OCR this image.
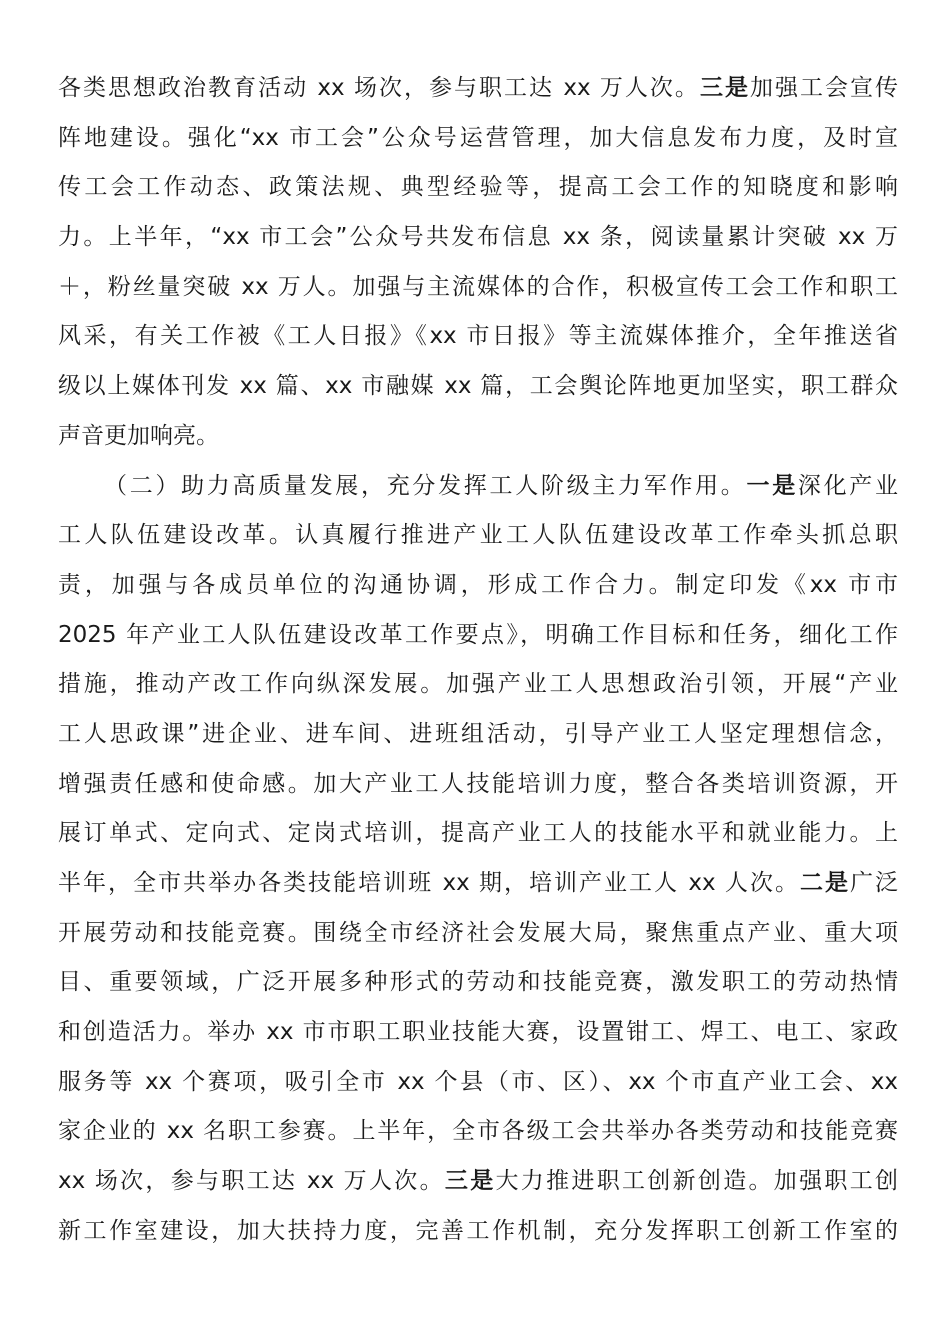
各类思想政治教育活动 xx 场次，参与职工达 xx 万人次。三是加强工会宣传
阵地建设。强化“xx 市工会”公众号运营管理，加大信息发布力度，及时宣
传工会工作动态、政策法规、典型经验等，提高工会工作的知晓度和影响
力。上半年，“xx 市工会”公众号共发布信息 xx 条，阅读量累计突破 xx 万
＋，粉丝量突破 xx 万人。加强与主流媒体的合作，积极宣传工会工作和职工
风采，有关工作被《工人日报》《xx 市日报》等主流媒体推介，全年推送省
级以上媒体刊发 xx 篇、xx 市融媒 xx 篇，工会舆论阵地更加坚实，职工群众
声音更加响亮。
（二）助力高质量发展，充分发挥工人阶级主力军作用。一是深化产业
工人队伍建设改革。认真履行推进产业工人队伍建设改革工作牵头抓总职
责，加强与各成员单位的沟通协调，形成工作合力。制定印发《xx 市市
2025 年产业工人队伍建设改革工作要点》，明确工作目标和任务，细化工作
措施，推动产改工作向纵深发展。加强产业工人思想政治引领，开展“产业
工人思政课”进企业、进车间、进班组活动，引导产业工人坚定理想信念，
增强责任感和使命感。加大产业工人技能培训力度，整合各类培训资源，开
展订单式、定向式、定岗式培训，提高产业工人的技能水平和就业能力。上
半年，全市共举办各类技能培训班 xx 期，培训产业工人 xx 人次。二是广泛
开展劳动和技能竞赛。围绕全市经济社会发展大局，聚焦重点产业、重大项
目、重要领域，广泛开展多种形式的劳动和技能竞赛，激发职工的劳动热情
和创造活力。举办 xx 市市职工职业技能大赛，设置钳工、焊工、电工、家政
服务等 xx 个赛项，吸引全市 xx 个县（市、区）、xx 个市直产业工会、xx
家企业的 xx 名职工参赛。上半年，全市各级工会共举办各类劳动和技能竞赛
xx 场次，参与职工达 xx 万人次。三是大力推进职工创新创造。加强职工创
新工作室建设，加大扶持力度，完善工作机制，充分发挥职工创新工作室的
